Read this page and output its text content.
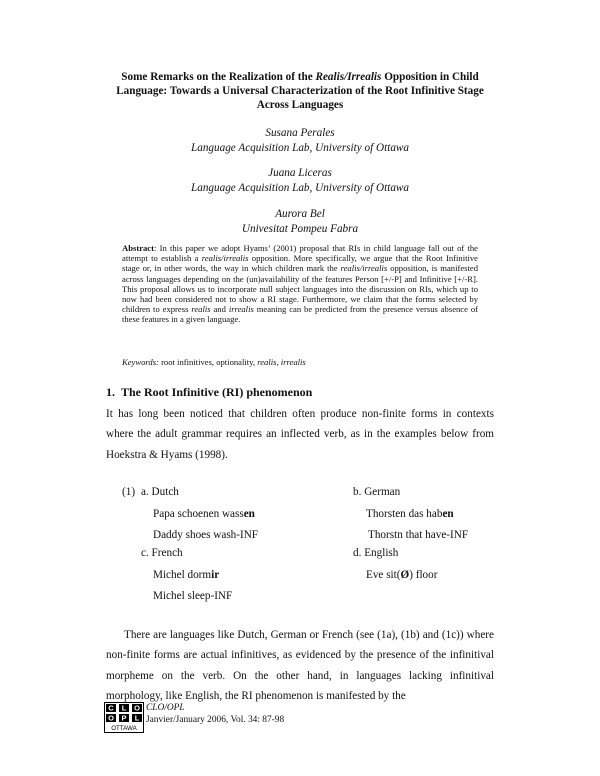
Some Remarks on the Realization of the Realis/Irrealis Opposition in Child Language: Towards a Universal Characterization of the Root Infinitive Stage Across Languages
Susana Perales
Language Acquisition Lab, University of Ottawa
Juana Liceras
Language Acquisition Lab, University of Ottawa
Aurora Bel
Univesitat Pompeu Fabra
Abstract: In this paper we adopt Hyams’ (2001) proposal that RIs in child language fall out of the attempt to establish a realis/irrealis opposition. More specifically, we argue that the Root Infinitive stage or, in other words, the way in which children mark the realis/irrealis opposition, is manifested across languages depending on the (un)availability of the features Person [+/-P] and Infinitive [+/-R]. This proposal allows us to incorporate null subject languages into the discussion on RIs, which up to now had been considered not to show a RI stage. Furthermore, we claim that the forms selected by children to express realis and irrealis meaning can be predicted from the presence versus absence of these features in a given language.
Keywords: root infinitives, optionality, realis, irrealis
1. The Root Infinitive (RI) phenomenon
It has long been noticed that children often produce non-finite forms in contexts where the adult grammar requires an inflected verb, as in the examples below from Hoekstra & Hyams (1998).
(1) a. Dutch
Papa schoenen wassen
Daddy shoes wash-INF
b. German
Thorsten das haben
Thorstn that have-INF
c. French
Michel dormir
Michel sleep-INF
d. English
Eve sit(Ø) floor
There are languages like Dutch, German or French (see (1a), (1b) and (1c)) where non-finite forms are actual infinitives, as evidenced by the presence of the infinitival morpheme on the verb. On the other hand, in languages lacking infinitival morphology, like English, the RI phenomenon is manifested by the
C L O
O P L
OTTAWA
CLO/OPL
Janvier/January 2006, Vol. 34: 87-98
